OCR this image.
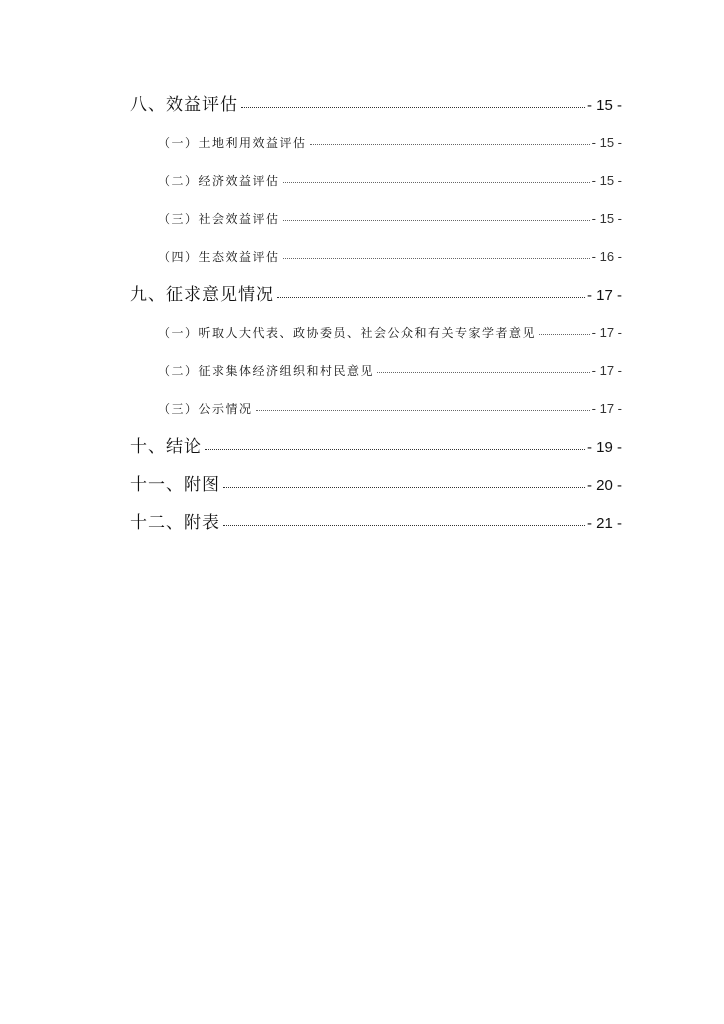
八、效益评估	- 15 -
（一）土地利用效益评估	- 15 -
（二）经济效益评估	- 15 -
（三）社会效益评估	- 15 -
（四）生态效益评估	- 16 -
九、征求意见情况	- 17 -
（一）听取人大代表、政协委员、社会公众和有关专家学者意见	- 17 -
（二）征求集体经济组织和村民意见	- 17 -
（三）公示情况	- 17 -
十、结论	- 19 -
十一、附图	- 20 -
十二、附表	- 21 -
